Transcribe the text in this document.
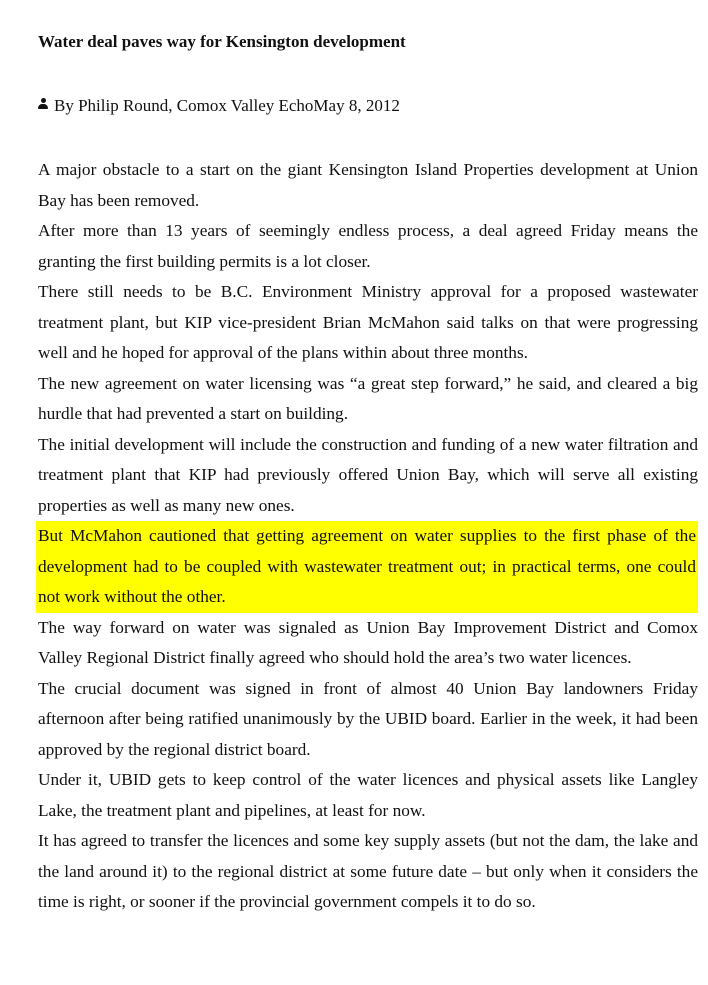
Water deal paves way for Kensington development

By Philip Round, Comox Valley EchoMay 8, 2012

A major obstacle to a start on the giant Kensington Island Properties development at Union Bay has been removed.

After more than 13 years of seemingly endless process, a deal agreed Friday means the granting the first building permits is a lot closer.

There still needs to be B.C. Environment Ministry approval for a proposed wastewater treatment plant, but KIP vice-president Brian McMahon said talks on that were progressing well and he hoped for approval of the plans within about three months.

The new agreement on water licensing was “a great step forward,” he said, and cleared a big hurdle that had prevented a start on building.

The initial development will include the construction and funding of a new water filtration and treatment plant that KIP had previously offered Union Bay, which will serve all existing properties as well as many new ones.

But McMahon cautioned that getting agreement on water supplies to the first phase of the development had to be coupled with wastewater treatment out; in practical terms, one could not work without the other.

The way forward on water was signaled as Union Bay Improvement District and Comox Valley Regional District finally agreed who should hold the area’s two water licences.

The crucial document was signed in front of almost 40 Union Bay landowners Friday afternoon after being ratified unanimously by the UBID board. Earlier in the week, it had been approved by the regional district board.

Under it, UBID gets to keep control of the water licences and physical assets like Langley Lake, the treatment plant and pipelines, at least for now.

It has agreed to transfer the licences and some key supply assets (but not the dam, the lake and the land around it) to the regional district at some future date – but only when it considers the time is right, or sooner if the provincial government compels it to do so.
